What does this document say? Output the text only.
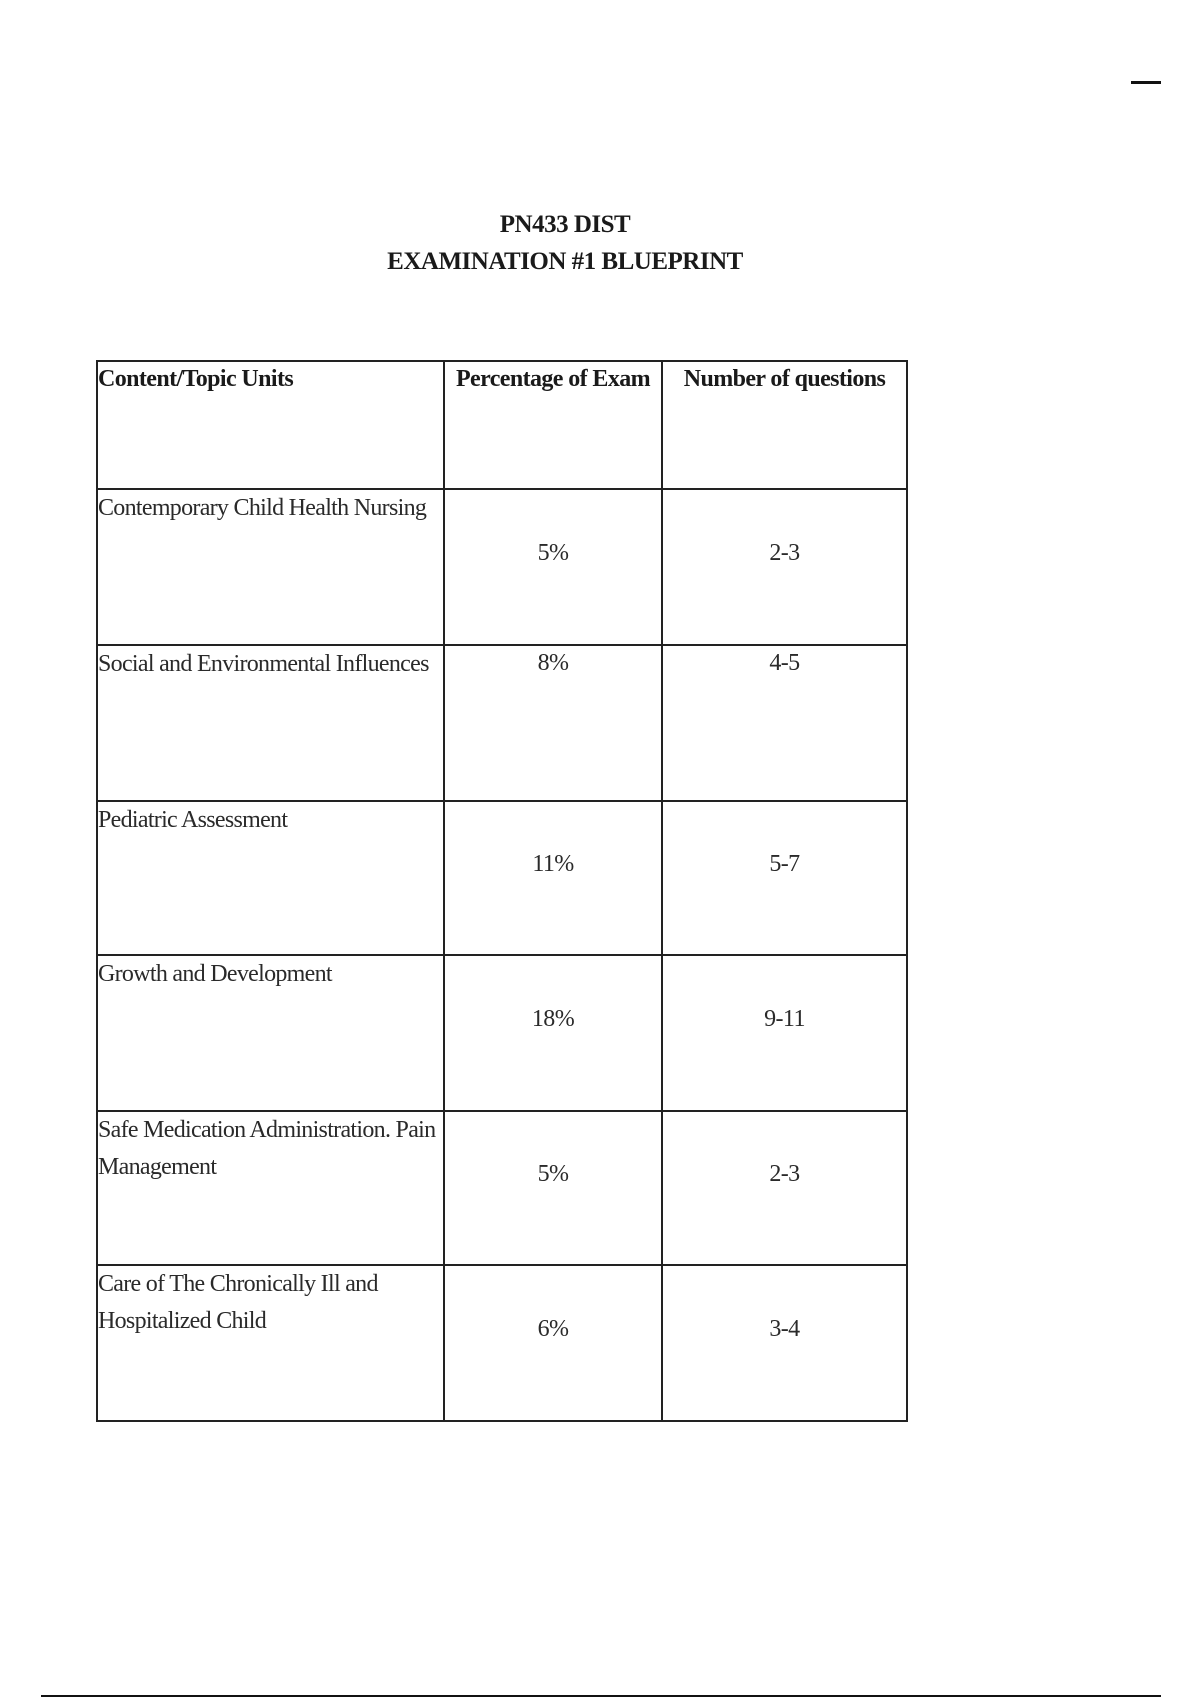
PN433 DIST
EXAMINATION #1 BLUEPRINT
Content/Topic Units	Percentage of Exam	Number of questions
Contemporary Child Health Nursing	5%	2-3
Social and Environmental Influences	8%	4-5
Pediatric Assessment	11%	5-7
Growth and Development	18%	9-11
Safe Medication Administration. Pain Management	5%	2-3
Care of The Chronically Ill and Hospitalized Child	6%	3-4
